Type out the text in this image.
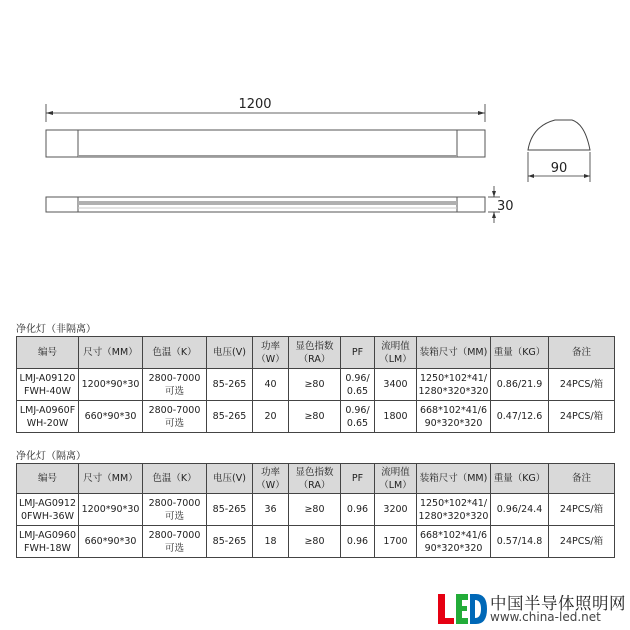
1200
30
90
净化灯（非隔离）
编号	尺寸（MM）	色温（K）	电压(V)	功率（W）	显色指数（RA）	PF	流明值（LM）	装箱尺寸（MM)	重量（KG）	备注
LMJ-A09120FWH-40W	1200*90*30	2800-7000可选	85-265	40	≥80	0.96/0.65	3400	1250*102*41/1280*320*320	0.86/21.9	24PCS/箱
LMJ-A0960FWH-20W	660*90*30	2800-7000可选	85-265	20	≥80	0.96/0.65	1800	668*102*41/690*320*320	0.47/12.6	24PCS/箱
净化灯（隔离）
编号	尺寸（MM）	色温（K）	电压(V)	功率（W）	显色指数（RA）	PF	流明值（LM）	装箱尺寸（MM)	重量（KG）	备注
LMJ-AG09120FWH-36W	1200*90*30	2800-7000可选	85-265	36	≥80	0.96	3200	1250*102*41/1280*320*320	0.96/24.4	24PCS/箱
LMJ-AG0960FWH-18W	660*90*30	2800-7000可选	85-265	18	≥80	0.96	1700	668*102*41/690*320*320	0.57/14.8	24PCS/箱
中国半导体照明网
www.china-led.net
